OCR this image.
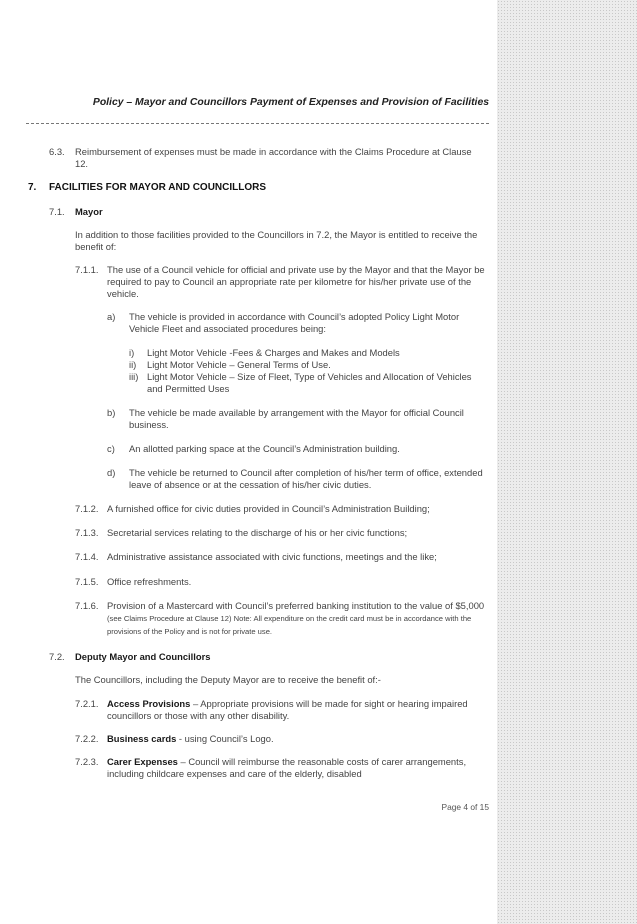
Policy – Mayor and Councillors Payment of Expenses and Provision of Facilities
6.3. Reimbursement of expenses must be made in accordance with the Claims Procedure at Clause 12.
7. FACILITIES FOR MAYOR AND COUNCILLORS
7.1. Mayor
In addition to those facilities provided to the Councillors in 7.2, the Mayor is entitled to receive the benefit of:
7.1.1. The use of a Council vehicle for official and private use by the Mayor and that the Mayor be required to pay to Council an appropriate rate per kilometre for his/her private use of the vehicle.
a) The vehicle is provided in accordance with Council’s adopted Policy Light Motor Vehicle Fleet and associated procedures being:
i) Light Motor Vehicle -Fees & Charges and Makes and Models
ii) Light Motor Vehicle – General Terms of Use.
iii) Light Motor Vehicle – Size of Fleet, Type of Vehicles and Allocation of Vehicles and Permitted Uses
b) The vehicle be made available by arrangement with the Mayor for official Council business.
c) An allotted parking space at the Council’s Administration building.
d) The vehicle be returned to Council after completion of his/her term of office, extended leave of absence or at the cessation of his/her civic duties.
7.1.2. A furnished office for civic duties provided in Council’s Administration Building;
7.1.3. Secretarial services relating to the discharge of his or her civic functions;
7.1.4. Administrative assistance associated with civic functions, meetings and the like;
7.1.5. Office refreshments.
7.1.6. Provision of a Mastercard with Council’s preferred banking institution to the value of $5,000 (see Claims Procedure at Clause 12) Note: All expenditure on the credit card must be in accordance with the provisions of the Policy and is not for private use.
7.2. Deputy Mayor and Councillors
The Councillors, including the Deputy Mayor are to receive the benefit of:-
7.2.1. Access Provisions – Appropriate provisions will be made for sight or hearing impaired councillors or those with any other disability.
7.2.2. Business cards - using Council’s Logo.
7.2.3. Carer Expenses – Council will reimburse the reasonable costs of carer arrangements, including childcare expenses and care of the elderly, disabled
Page 4 of 15
